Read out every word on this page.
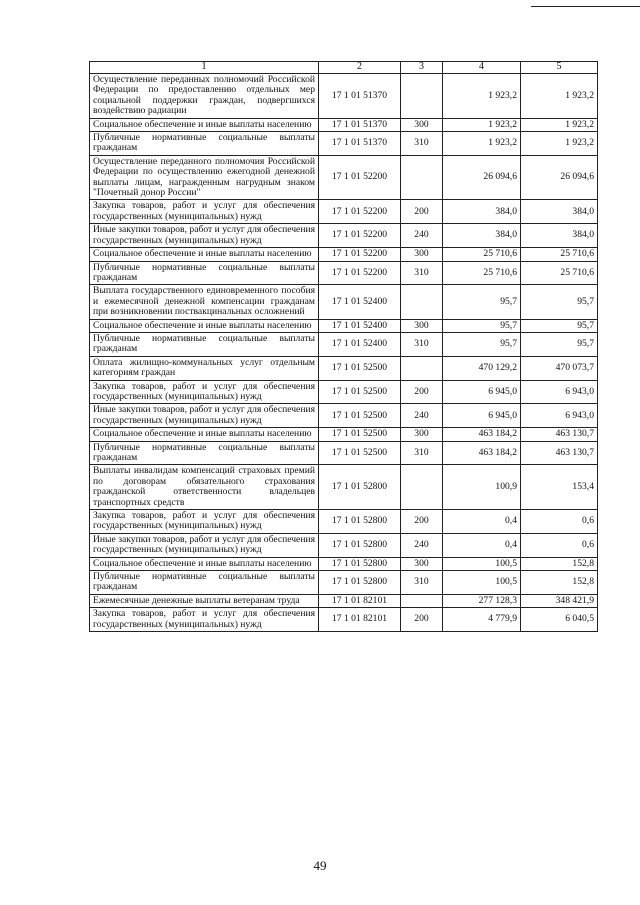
1	2	3	4	5
Осуществление переданных полномочий Российской Федерации по предоставлению отдельных мер социальной поддержки граждан, подвергшихся воздействию радиации	17 1 01 51370		1 923,2	1 923,2
Социальное обеспечение и иные выплаты населению	17 1 01 51370	300	1 923,2	1 923,2
Публичные нормативные социальные выплаты гражданам	17 1 01 51370	310	1 923,2	1 923,2
Осуществление переданного полномочия Российской Федерации по осуществлению ежегодной денежной выплаты лицам, награжденным нагрудным знаком "Почетный донор России"	17 1 01 52200		26 094,6	26 094,6
Закупка товаров, работ и услуг для обеспечения государственных (муниципальных) нужд	17 1 01 52200	200	384,0	384,0
Иные закупки товаров, работ и услуг для обеспечения государственных (муниципальных) нужд	17 1 01 52200	240	384,0	384,0
Социальное обеспечение и иные выплаты населению	17 1 01 52200	300	25 710,6	25 710,6
Публичные нормативные социальные выплаты гражданам	17 1 01 52200	310	25 710,6	25 710,6
Выплата государственного единовременного пособия и ежемесячной денежной компенсации гражданам при возникновении поствакцинальных осложнений	17 1 01 52400		95,7	95,7
Социальное обеспечение и иные выплаты населению	17 1 01 52400	300	95,7	95,7
Публичные нормативные социальные выплаты гражданам	17 1 01 52400	310	95,7	95,7
Оплата жилищно-коммунальных услуг отдельным категориям граждан	17 1 01 52500		470 129,2	470 073,7
Закупка товаров, работ и услуг для обеспечения государственных (муниципальных) нужд	17 1 01 52500	200	6 945,0	6 943,0
Иные закупки товаров, работ и услуг для обеспечения государственных (муниципальных) нужд	17 1 01 52500	240	6 945,0	6 943,0
Социальное обеспечение и иные выплаты населению	17 1 01 52500	300	463 184,2	463 130,7
Публичные нормативные социальные выплаты гражданам	17 1 01 52500	310	463 184,2	463 130,7
Выплаты инвалидам компенсаций страховых премий по договорам обязательного страхования гражданской ответственности владельцев транспортных средств	17 1 01 52800		100,9	153,4
Закупка товаров, работ и услуг для обеспечения государственных (муниципальных) нужд	17 1 01 52800	200	0,4	0,6
Иные закупки товаров, работ и услуг для обеспечения государственных (муниципальных) нужд	17 1 01 52800	240	0,4	0,6
Социальное обеспечение и иные выплаты населению	17 1 01 52800	300	100,5	152,8
Публичные нормативные социальные выплаты гражданам	17 1 01 52800	310	100,5	152,8
Ежемесячные денежные выплаты ветеранам труда	17 1 01 82101		277 128,3	348 421,9
Закупка товаров, работ и услуг для обеспечения государственных (муниципальных) нужд	17 1 01 82101	200	4 779,9	6 040,5
49
